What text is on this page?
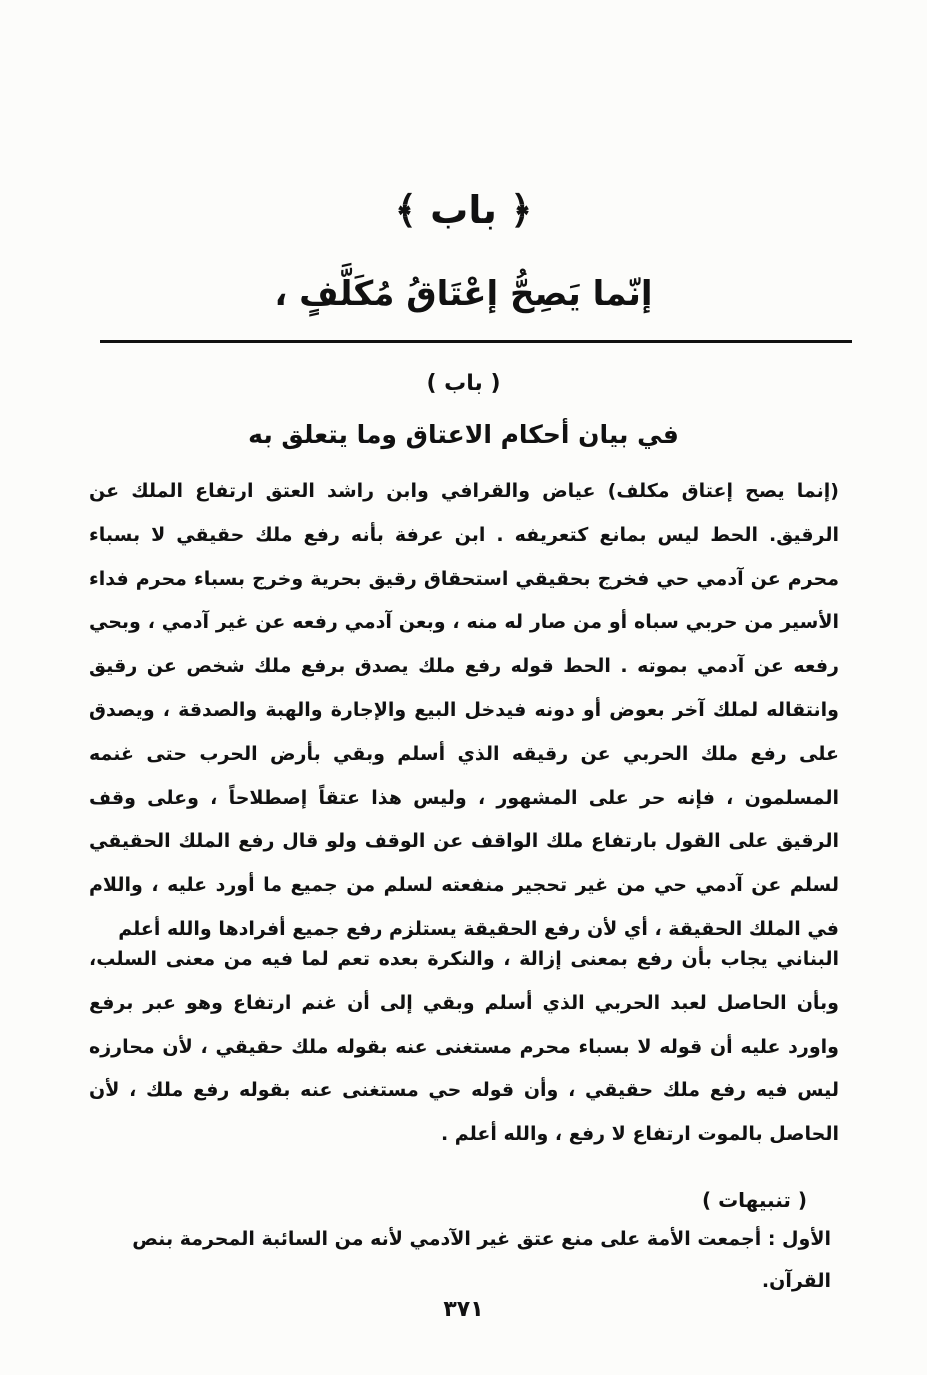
﴿ باب ﴾
إنّما يَصِحُّ إعْتَاقُ مُكَلَّفٍ ،
( باب )
في بيان أحكام الاعتاق وما يتعلق به

(إنما يصح إعتاق مكلف) عياض والقرافي وابن راشد العتق ارتفاع الملك عن الرقيق. الحط ليس بمانع كتعريفه . ابن عرفة بأنه رفع ملك حقيقي لا بسباء محرم عن آدمي حي فخرج بحقيقي استحقاق رقيق بحرية وخرج بسباء محرم فداء الأسير من حربي سباه أو من صار له منه ، وبعن آدمي رفعه عن غير آدمي ، وبحي رفعه عن آدمي بموته . الحط قوله رفع ملك يصدق برفع ملك شخص عن رقيق وانتقاله لملك آخر بعوض أو دونه فيدخل البيع والإجارة والهبة والصدقة ، ويصدق على رفع ملك الحربي عن رقيقه الذي أسلم وبقي بأرض الحرب حتى غنمه المسلمون ، فإنه حر على المشهور ، وليس هذا عتقاً إصطلاحاً ، وعلى وقف الرقيق على القول بارتفاع ملك الواقف عن الوقف ولو قال رفع الملك الحقيقي لسلم عن آدمي حي من غير تحجير منفعته لسلم من جميع ما أورد عليه ، واللام في الملك الحقيقة ، أي لأن رفع الحقيقة يستلزم رفع جميع أفرادها والله أعلم

البناني يجاب بأن رفع بمعنى إزالة ، والنكرة بعده تعم لما فيه من معنى السلب، وبأن الحاصل لعبد الحربي الذي أسلم وبقي إلى أن غنم ارتفاع وهو عبر برفع واورد عليه أن قوله لا بسباء محرم مستغنى عنه بقوله ملك حقيقي ، لأن محارزه ليس فيه رفع ملك حقيقي ، وأن قوله حي مستغنى عنه بقوله رفع ملك ، لأن الحاصل بالموت ارتفاع لا رفع ، والله أعلم .

( تنبيهات )

الأول : أجمعت الأمة على منع عتق غير الآدمي لأنه من السائبة المحرمة بنص القرآن.

٣٧١
